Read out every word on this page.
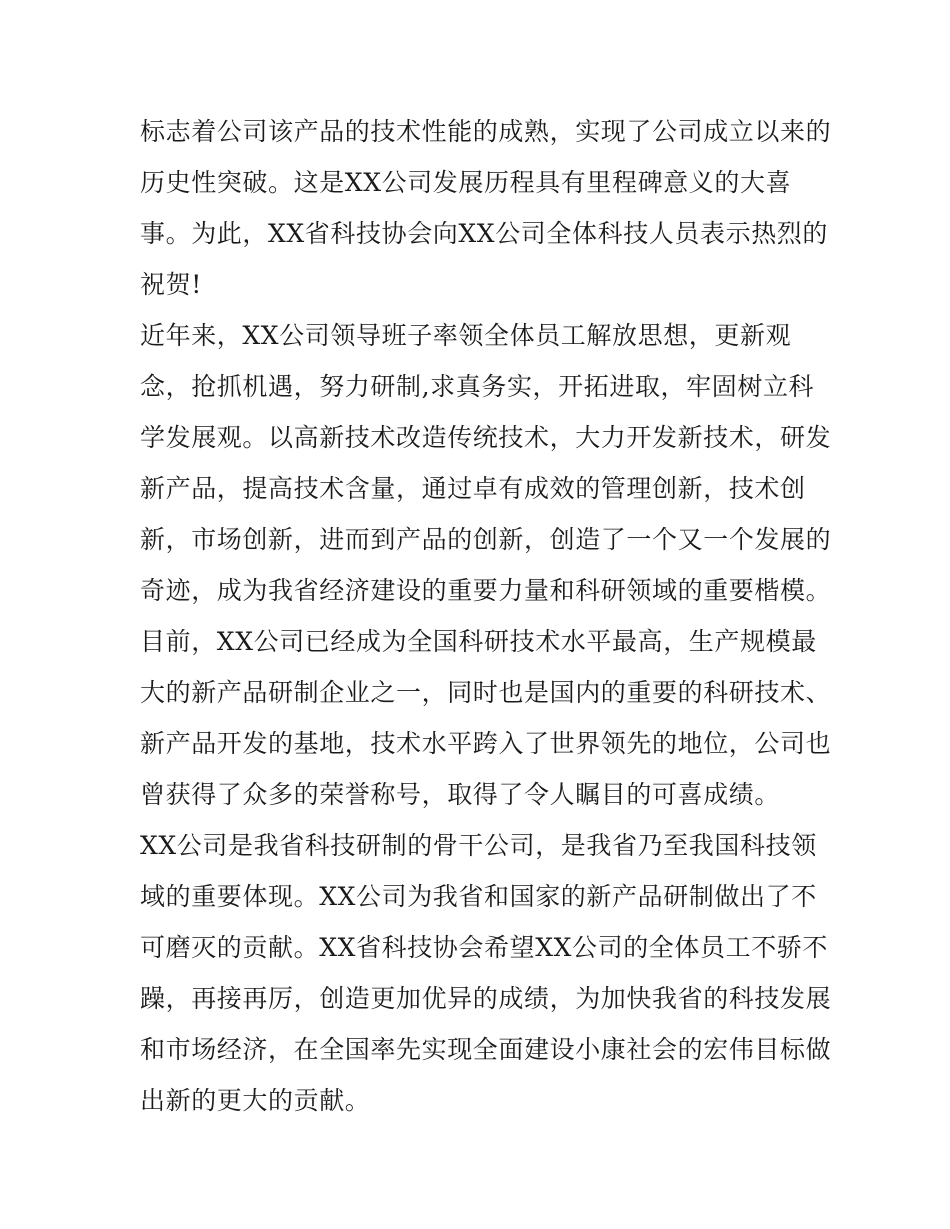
标志着公司该产品的技术性能的成熟，实现了公司成立以来的
历史性突破。这是XX公司发展历程具有里程碑意义的大喜
事。为此，XX省科技协会向XX公司全体科技人员表示热烈的
祝贺!
近年来，XX公司领导班子率领全体员工解放思想，更新观
念，抢抓机遇，努力研制,求真务实，开拓进取，牢固树立科
学发展观。以高新技术改造传统技术，大力开发新技术，研发
新产品，提高技术含量，通过卓有成效的管理创新，技术创
新，市场创新，进而到产品的创新，创造了一个又一个发展的
奇迹，成为我省经济建设的重要力量和科研领域的重要楷模。
目前，XX公司已经成为全国科研技术水平最高，生产规模最
大的新产品研制企业之一，同时也是国内的重要的科研技术、
新产品开发的基地，技术水平跨入了世界领先的地位，公司也
曾获得了众多的荣誉称号，取得了令人瞩目的可喜成绩。
XX公司是我省科技研制的骨干公司，是我省乃至我国科技领
域的重要体现。XX公司为我省和国家的新产品研制做出了不
可磨灭的贡献。XX省科技协会希望XX公司的全体员工不骄不
躁，再接再厉，创造更加优异的成绩，为加快我省的科技发展
和市场经济，在全国率先实现全面建设小康社会的宏伟目标做
出新的更大的贡献。
